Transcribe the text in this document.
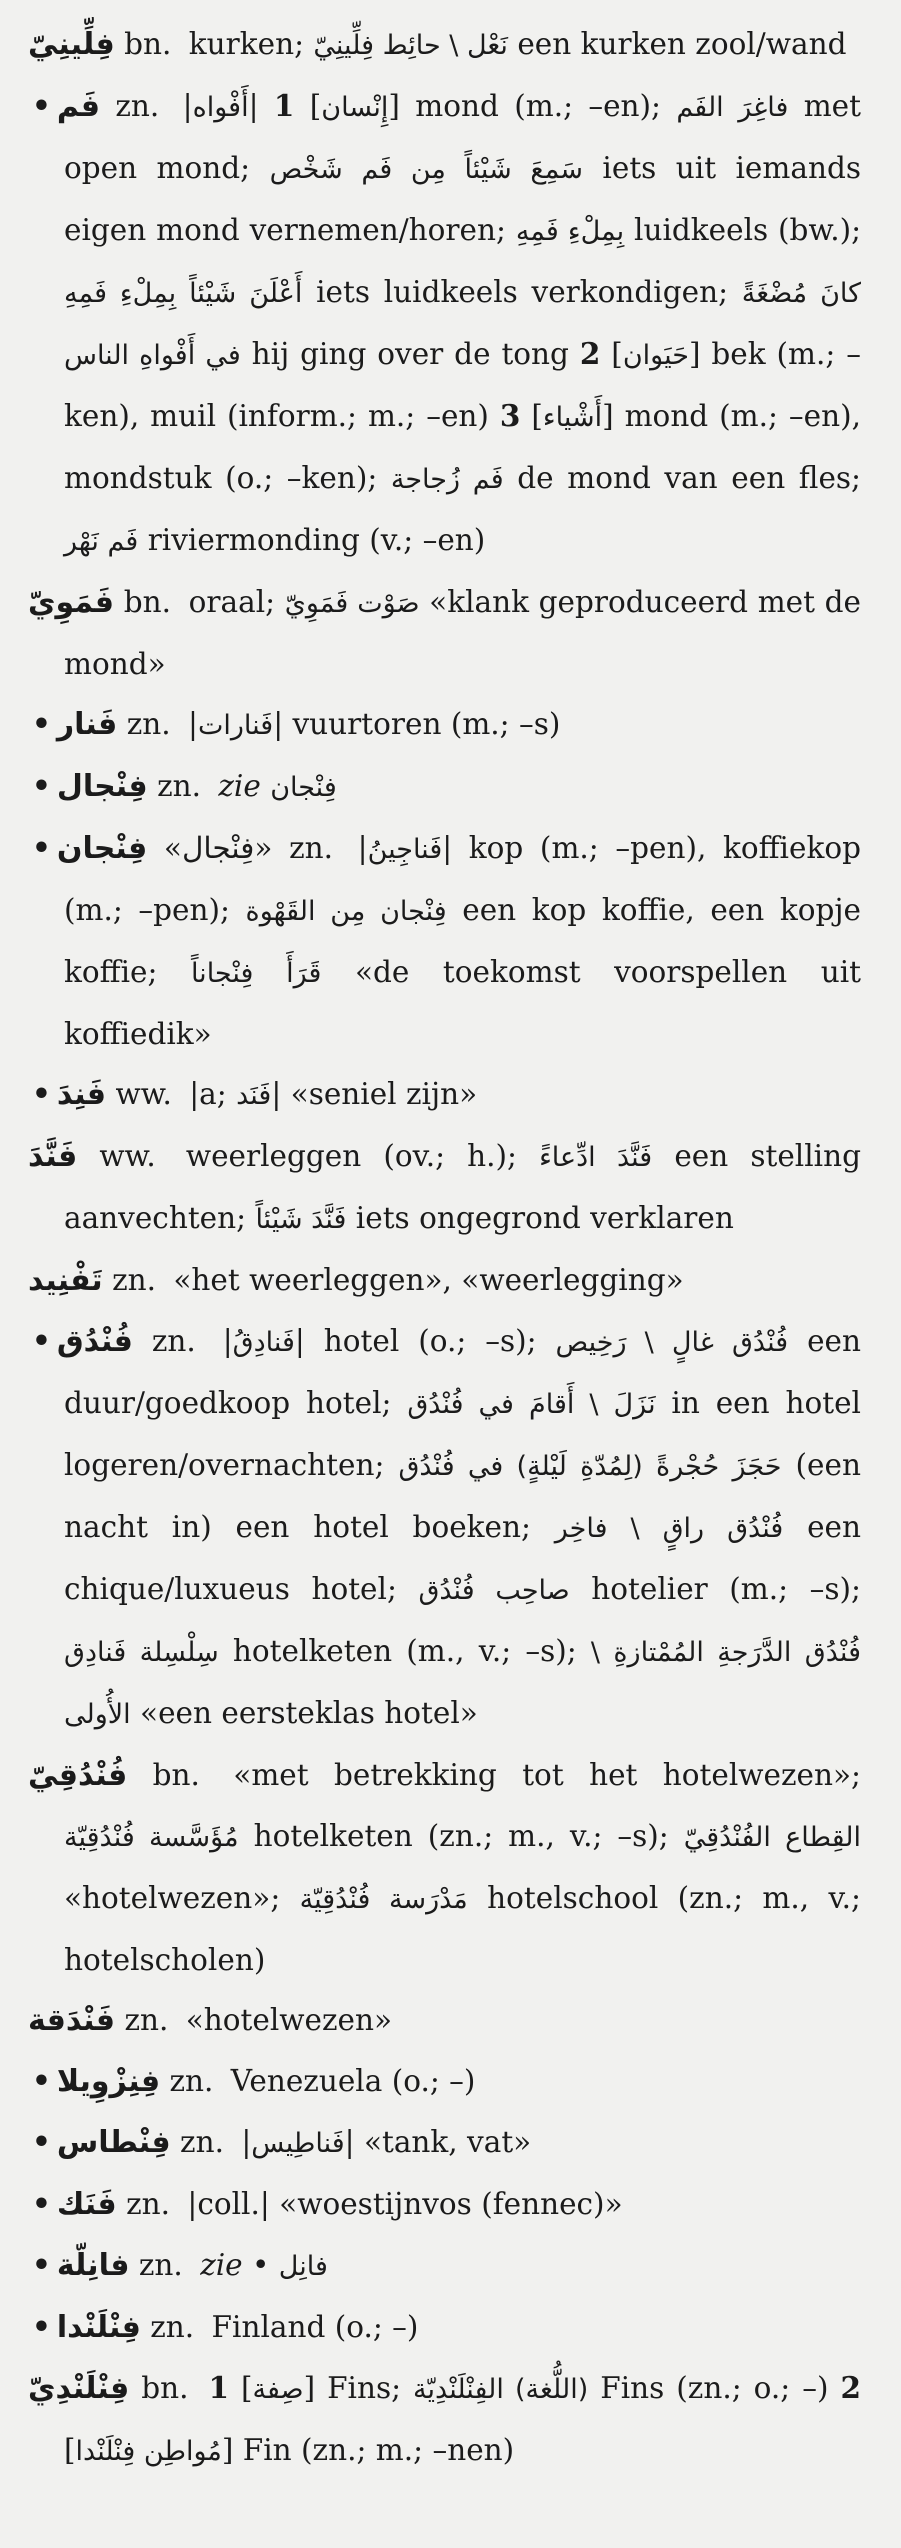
فِلِّينِيّ bn. kurken; نَعْل \ حائِط فِلِّينِيّ een kurken zool/wand
• فَم zn. |أَفْواه| 1 [إِنْسان] mond (m.; –en); فاغِرَ الفَم met open mond; سَمِعَ شَيْئاً مِن فَم شَخْص iets uit iemands eigen mond vernemen/horen; بِمِلْءِ فَمِهِ luidkeels (bw.); أَعْلَنَ شَيْئاً بِمِلْءِ فَمِهِ iets luidkeels verkondigen; كانَ مُضْغَةً في أَفْواهِ الناس hij ging over de tong 2 [حَيَوان] bek (m.; –ken), muil (inform.; m.; –en) 3 [أَشْياء] mond (m.; –en), mondstuk (o.; –ken); فَم زُجاجة de mond van een fles; فَم نَهْر riviermonding (v.; –en)
فَمَوِيّ bn. oraal; صَوْت فَمَوِيّ «klank geproduceerd met de mond»
• فَنار zn. |فَنارات| vuurtoren (m.; –s)
• فِنْجال zn. zie فِنْجان
• فِنْجان «فِنْجال» zn. |فَناجِينُ| kop (m.; –pen), koffiekop (m.; –pen); فِنْجان مِن القَهْوة een kop koffie, een kopje koffie; قَرَأَ فِنْجاناً «de toekomst voorspellen uit koffiedik»
• فَنِدَ ww. |a; فَنَد| «seniel zijn»
فَنَّدَ ww. weerleggen (ov.; h.); فَنَّدَ ادِّعاءً een stelling aanvechten; فَنَّدَ شَيْئاً iets ongegrond verklaren
تَفْنِيد zn. «het weerleggen», «weerlegging»
• فُنْدُق zn. |فَنادِقُ| hotel (o.; –s); فُنْدُق غالٍ \ رَخِيص een duur/goedkoop hotel; نَزَلَ \ أَقامَ في فُنْدُق in een hotel logeren/overnachten; حَجَزَ حُجْرةً (لِمُدّةِ لَيْلةٍ) في فُنْدُق (een nacht in) een hotel boeken; فُنْدُق راقٍ \ فاخِر een chique/luxueus hotel; صاحِب فُنْدُق hotelier (m.; –s); سِلْسِلة فَنادِق hotelketen (m., v.; –s); فُنْدُق الدَّرَجةِ المُمْتازةِ \ الأُولى «een eersteklas hotel»
فُنْدُقِيّ bn. «met betrekking tot het hotelwezen»; مُؤَسَّسة فُنْدُقِيّة hotelketen (zn.; m., v.; –s); القِطاع الفُنْدُقِيّ «hotelwezen»; مَدْرَسة فُنْدُقِيّة hotelschool (zn.; m., v.; hotelscholen)
فَنْدَقة zn. «hotelwezen»
• فِنِزْوِيلا zn. Venezuela (o.; –)
• فِنْطاس zn. |فَناطِيس| «tank, vat»
• فَنَك zn. |coll.| «woestijnvos (fennec)»
• فانِلّة zn. zie • فانِل
• فِنْلَنْدا zn. Finland (o.; –)
فِنْلَنْدِيّ bn. 1 [صِفة] Fins; (اللُّغة) الفِنْلَنْدِيّة Fins (zn.; o.; –) 2 [مُواطِن فِنْلَنْدا] Fin (zn.; m.; –nen)
